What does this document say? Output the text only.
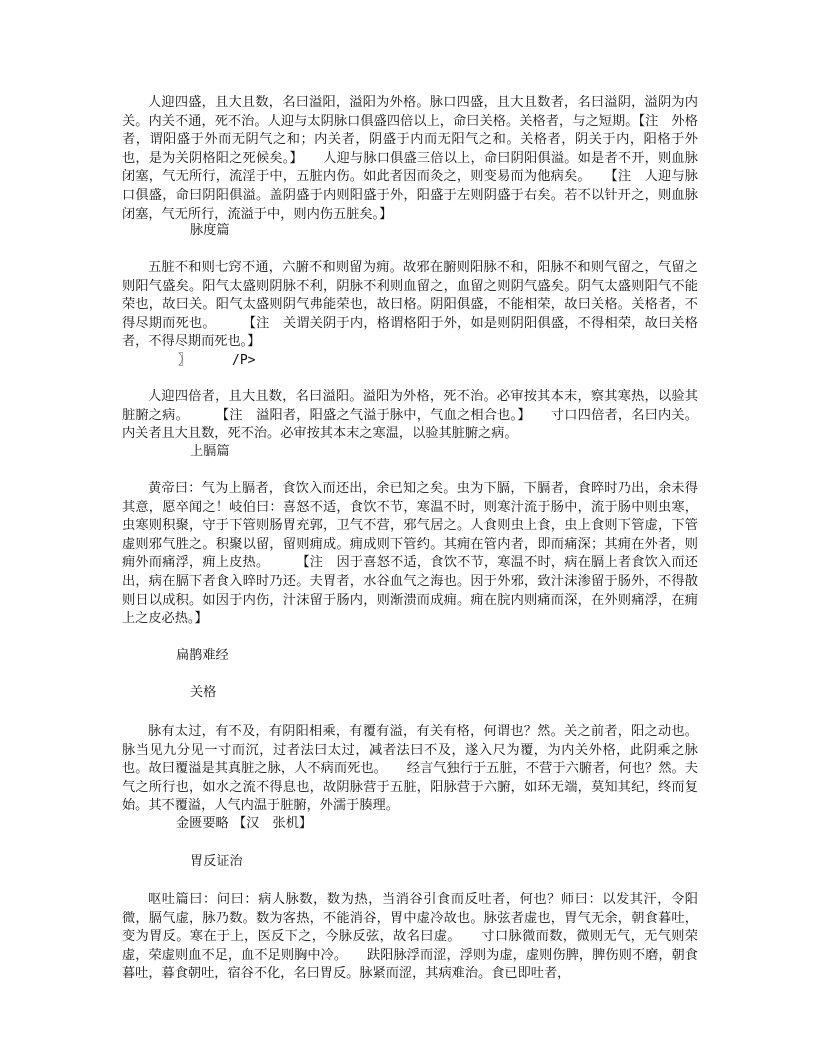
人迎四盛，且大且数，名曰溢阳，溢阳为外格。脉口四盛，且大且数者，名曰溢阴，溢阴为内关。内关不通，死不治。人迎与太阴脉口俱盛四倍以上，命曰关格。关格者，与之短期。【注　外格者，谓阳盛于外而无阴气之和；内关者，阴盛于内而无阳气之和。关格者，阴关于内，阳格于外也，是为关阴格阳之死候矣。】　　人迎与脉口俱盛三倍以上，命曰阴阳俱溢。如是者不开，则血脉闭塞，气无所行，流淫于中，五脏内伤。如此者因而灸之，则变易而为他病矣。　　【注　人迎与脉口俱盛，命曰阴阳俱溢。盖阴盛于内则阳盛于外，阳盛于左则阴盛于右矣。若不以针开之，则血脉闭塞，气无所行，流溢于中，则内伤五脏矣。】

脉度篇

五脏不和则七窍不通，六腑不和则留为痈。故邪在腑则阳脉不和，阳脉不和则气留之，气留之则阳气盛矣。阳气太盛则阴脉不利，阴脉不利则血留之，血留之则阴气盛矣。阴气太盛则阳气不能荣也，故曰关。阳气太盛则阴气弗能荣也，故曰格。阴阳俱盛，不能相荣，故曰关格。关格者，不得尽期而死也。　　　【注　关谓关阴于内，格谓格阳于外，如是则阴阳俱盛，不得相荣，故曰关格者，不得尽期而死也。】

〗	/P>

人迎四倍者，且大且数，名曰溢阳。溢阳为外格，死不治。必审按其本末，察其寒热，以验其脏腑之病。　　　【注　溢阳者，阳盛之气溢于脉中，气血之相合也。】　　寸口四倍者，名曰内关。内关者且大且数，死不治。必审按其本末之寒温，以验其脏腑之病。

上膈篇

黄帝曰：气为上膈者，食饮入而还出，余已知之矣。虫为下膈，下膈者，食晬时乃出，余未得其意，愿卒闻之！岐伯曰：喜怒不适，食饮不节，寒温不时，则寒汁流于肠中，流于肠中则虫寒，虫寒则积聚，守于下管则肠胃充郭，卫气不营，邪气居之。人食则虫上食，虫上食则下管虚，下管虚则邪气胜之。积聚以留，留则痈成。痈成则下管约。其痈在管内者，即而痛深；其痈在外者，则痈外而痛浮，痈上皮热。　　　【注　因于喜怒不适，食饮不节，寒温不时，病在膈上者食饮入而还出，病在膈下者食入晬时乃还。夫胃者，水谷血气之海也。因于外邪，致汁沫渗留于肠外，不得散则日以成积。如因于内伤，汁沫留于肠内，则渐溃而成痈。痈在脘内则痛而深，在外则痛浮，在痈上之皮必热。】

扁鹊难经

关格

脉有太过，有不及，有阴阳相乘，有覆有溢，有关有格，何谓也？然。关之前者，阳之动也。脉当见九分见一寸而沉，过者法曰太过，减者法曰不及，遂入尺为覆，为内关外格，此阴乘之脉也。故曰覆溢是其真脏之脉，人不病而死也。　　经言气独行于五脏，不营于六腑者，何也？然。夫气之所行也，如水之流不得息也，故阴脉营于五脏，阳脉营于六腑，如环无端，莫知其纪，终而复始。其不覆溢，人气内温于脏腑，外濡于腠理。

金匮要略 【汉　张机】

胃反证治

呕吐篇曰：问曰：病人脉数，数为热，当消谷引食而反吐者，何也？师曰：以发其汗，令阳微，膈气虚，脉乃数。数为客热，不能消谷，胃中虚冷故也。脉弦者虚也，胃气无余，朝食暮吐，变为胃反。寒在于上，医反下之，今脉反弦，故名曰虚。　　寸口脉微而数，微则无气，无气则荣虚，荣虚则血不足，血不足则胸中冷。　　趺阳脉浮而涩，浮则为虚，虚则伤脾，脾伤则不磨，朝食暮吐，暮食朝吐，宿谷不化，名曰胃反。脉紧而涩，其病难治。食已即吐者，
